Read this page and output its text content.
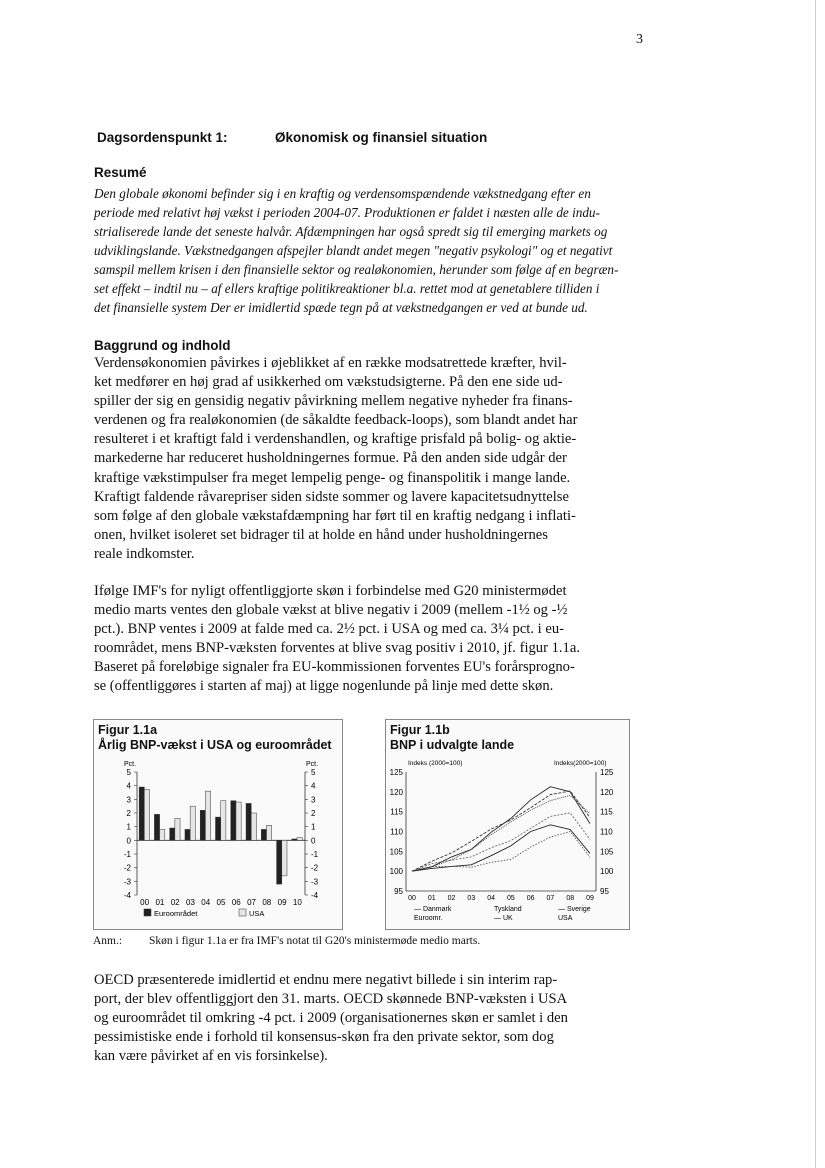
3
Dagsordenspunkt 1:	Økonomisk og finansiel situation
Resumé
Den globale økonomi befinder sig i en kraftig og verdensomspændende vækstnedgang efter en
periode med relativt høj vækst i perioden 2004-07. Produktionen er faldet i næsten alle de indu-
strialiserede lande det seneste halvår. Afdæmpningen har også spredt sig til emerging markets og
udviklingslande. Vækstnedgangen afspejler blandt andet megen "negativ psykologi" og et negativt
samspil mellem krisen i den finansielle sektor og realøkonomien, herunder som følge af en begræn-
set effekt – indtil nu – af ellers kraftige politikreaktioner bl.a. rettet mod at genetablere tilliden i
det finansielle system Der er imidlertid spæde tegn på at vækstnedgangen er ved at bunde ud.
Baggrund og indhold
Verdensøkonomien påvirkes i øjeblikket af en række modsatrettede kræfter, hvil-
ket medfører en høj grad af usikkerhed om vækstudsigterne. På den ene side ud-
spiller der sig en gensidig negativ påvirkning mellem negative nyheder fra finans-
verdenen og fra realøkonomien (de såkaldte feedback-loops), som blandt andet har
resulteret i et kraftigt fald i verdenshandlen, og kraftige prisfald på bolig- og aktie-
markederne har reduceret husholdningernes formue. På den anden side udgår der
kraftige vækstimpulser fra meget lempelig penge- og finanspolitik i mange lande.
Kraftigt faldende råvarepriser siden sidste sommer og lavere kapacitetsudnyttelse
som følge af den globale vækstafdæmpning har ført til en kraftig nedgang i inflati-
onen, hvilket isoleret set bidrager til at holde en hånd under husholdningernes
reale indkomster.
Ifølge IMF's for nyligt offentliggjorte skøn i forbindelse med G20 ministermødet
medio marts ventes den globale vækst at blive negativ i 2009 (mellem -1½ og -½
pct.). BNP ventes i 2009 at falde med ca. 2½ pct. i USA og med ca. 3¼ pct. i eu-
roområdet, mens BNP-væksten forventes at blive svag positiv i 2010, jf. figur 1.1a.
Baseret på foreløbige signaler fra EU-kommissionen forventes EU's forårsprogno-
se (offentliggøres i starten af maj) at ligge nogenlunde på linje med dette skøn.
Figur 1.1a
Årlig BNP-vækst i USA og euroområdet
Pct.	Pct.
5	5
4	4
3	3
2	2
1	1
0	0
-1	-1
-2	-2
-3	-3
-4	-4
00 01 02 03 04 05 06 07 08 09 10
Euroområdet	USA
Figur 1.1b
BNP i udvalgte lande
Indeks (2000=100)	Indeks(2000=100)
125	125
120	120
115	115
110	110
105	105
100	100
95	95
00 01 02 03 04 05 06 07 08 09
— Danmark	Tyskland	— Sverige
Euroomr.	— UK	USA
Anm.: Skøn i figur 1.1a er fra IMF's notat til G20's ministermøde medio marts.
OECD præsenterede imidlertid et endnu mere negativt billede i sin interim rap-
port, der blev offentliggjort den 31. marts. OECD skønnede BNP-væksten i USA
og euroområdet til omkring -4 pct. i 2009 (organisationernes skøn er samlet i den
pessimistiske ende i forhold til konsensus-skøn fra den private sektor, som dog
kan være påvirket af en vis forsinkelse).
